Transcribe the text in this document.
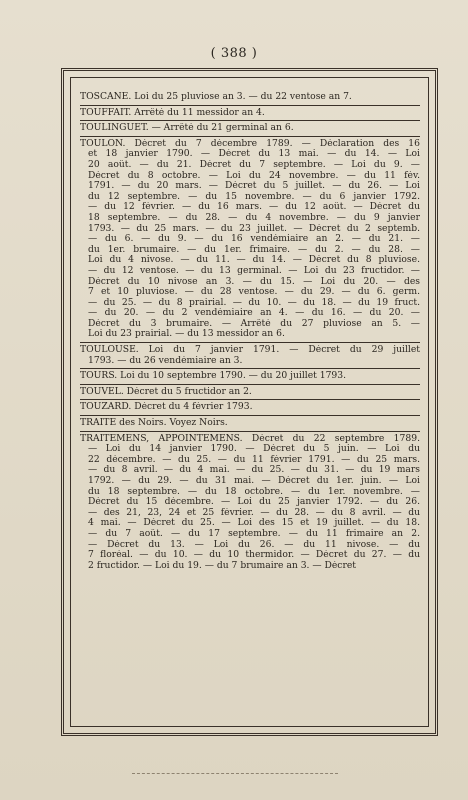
( 388 )
TOSCANE. Loi du 25 pluviose an 3. — du 22 ventose an 7.
TOUFFAIT. Arrêté du 11 messidor an 4.
TOULINGUET. — Arrêté du 21 germinal an 6.
TOULON. Décret du 7 décembre 1789. — Déclaration des 16
et 18 janvier 1790. — Décret du 13 mai. — du 14. — Loi
20 août. — du 21. Décret du 7 septembre. — Loi du 9. —
Décret du 8 octobre. — Loi du 24 novembre. — du 11 fév.
1791. — du 20 mars. — Décret du 5 juillet. — du 26. — Loi
du 12 septembre. — du 15 novembre. — du 6 janvier 1792.
— du 12 février. — du 16 mars. — du 12 août. — Décret du
18 septembre. — du 28. — du 4 novembre. — du 9 janvier
1793. — du 25 mars. — du 23 juillet. — Décret du 2 septemb.
— du 6. — du 9. — du 16 vendémiaire an 2. — du 21. —
du 1er. brumaire. — du 1er. frimaire. — du 2. — du 28. —
Loi du 4 nivose. — du 11. — du 14. — Décret du 8 pluviose.
— du 12 ventose. — du 13 germinal. — Loi du 23 fructidor. —
Décret du 10 nivose an 3. — du 15. — Loi du 20. — des
7 et 10 pluviose. — du 28 ventose. — du 29. — du 6. germ.
— du 25. — du 8 prairial. — du 10. — du 18. — du 19 fruct.
— du 20. — du 2 vendémiaire an 4. — du 16. — du 20. —
Décret du 3 brumaire. — Arrêté du 27 pluviose an 5. —
Loi du 23 prairial. — du 13 messidor an 6.
TOULOUSE. Loi du 7 janvier 1791. — Décret du 29 juillet
1793. — du 26 vendémiaire an 3.
TOURS. Loi du 10 septembre 1790. — du 20 juillet 1793.
TOUVEL. Décret du 5 fructidor an 2.
TOUZARD. Décret du 4 février 1793.
TRAITE des Noirs. Voyez Noirs.
TRAITEMENS, APPOINTEMENS. Décret du 22 septembre 1789.
— Loi du 14 janvier 1790. — Décret du 5 juin. — Loi du
22 décembre. — du 25. — du 11 février 1791. — du 25 mars.
— du 8 avril. — du 4 mai. — du 25. — du 31. — du 19 mars
1792. — du 29. — du 31 mai. — Décret du 1er. juin. — Loi
du 18 septembre. — du 18 octobre. — du 1er. novembre. —
Décret du 15 décembre. — Loi du 25 janvier 1792. — du 26.
— des 21, 23, 24 et 25 février. — du 28. — du 8 avril. — du
4 mai. — Décret du 25. — Loi des 15 et 19 juillet. — du 18.
— du 7 août. — du 17 septembre. — du 11 frimaire an 2.
— Décret du 13. — Loi du 26. — du 11 nivose. — du
7 floréal. — du 10. — du 10 thermidor. — Décret du 27. — du
2 fructidor. — Loi du 19. — du 7 brumaire an 3. — Décret
